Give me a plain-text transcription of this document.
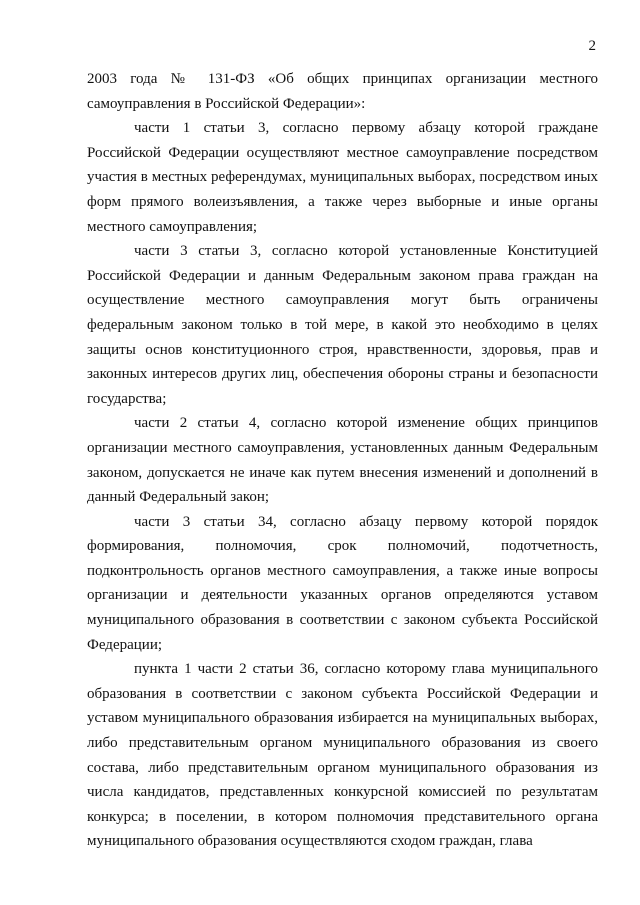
2

2003 года № 131-ФЗ «Об общих принципах организации местного самоуправления в Российской Федерации»:

части 1 статьи 3, согласно первому абзацу которой граждане Российской Федерации осуществляют местное самоуправление посредством участия в местных референдумах, муниципальных выборах, посредством иных форм прямого волеизъявления, а также через выборные и иные органы местного самоуправления;

части 3 статьи 3, согласно которой установленные Конституцией Российской Федерации и данным Федеральным законом права граждан на осуществление местного самоуправления могут быть ограничены федеральным законом только в той мере, в какой это необходимо в целях защиты основ конституционного строя, нравственности, здоровья, прав и законных интересов других лиц, обеспечения обороны страны и безопасности государства;

части 2 статьи 4, согласно которой изменение общих принципов организации местного самоуправления, установленных данным Федеральным законом, допускается не иначе как путем внесения изменений и дополнений в данный Федеральный закон;

части 3 статьи 34, согласно абзацу первому которой порядок формирования, полномочия, срок полномочий, подотчетность, подконтрольность органов местного самоуправления, а также иные вопросы организации и деятельности указанных органов определяются уставом муниципального образования в соответствии с законом субъекта Российской Федерации;

пункта 1 части 2 статьи 36, согласно которому глава муниципального образования в соответствии с законом субъекта Российской Федерации и уставом муниципального образования избирается на муниципальных выборах, либо представительным органом муниципального образования из своего состава, либо представительным органом муниципального образования из числа кандидатов, представленных конкурсной комиссией по результатам конкурса; в поселении, в котором полномочия представительного органа муниципального образования осуществляются сходом граждан, глава
